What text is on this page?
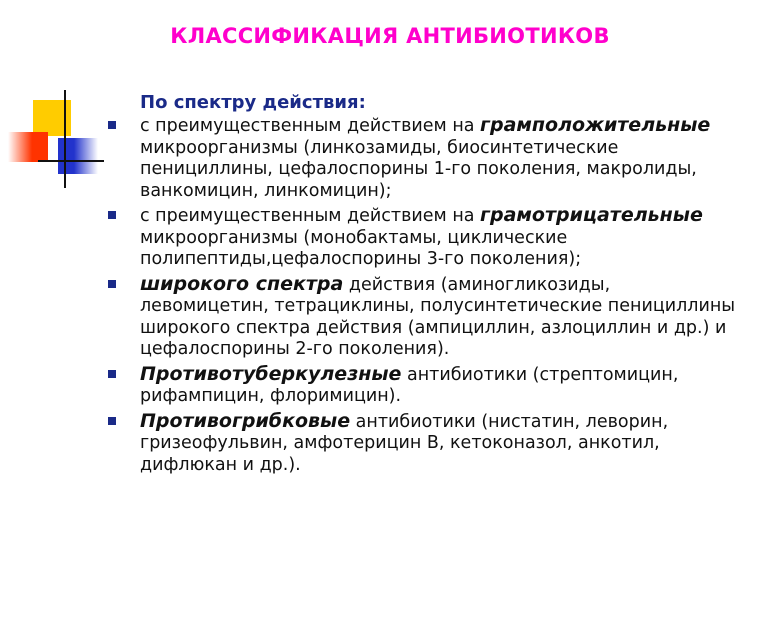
КЛАССИФИКАЦИЯ АНТИБИОТИКОВ
По спектру действия:
с преимущественным действием на грамположительные микроорганизмы (линкозамиды, биосинтетические пенициллины, цефалоспорины 1-го поколения, макролиды, ванкомицин, линкомицин);
с преимущественным действием на грамотрицательные микроорганизмы (монобактамы, циклические полипептиды,цефалоспорины 3-го поколения);
широкого спектра действия (аминогликозиды, левомицетин, тетрациклины, полусинтетические пенициллины широкого спектра действия (ампициллин, азлоциллин и др.) и цефалоспорины 2-го поколения).
Противотуберкулезные антибиотики (стрептомицин, рифампицин, флоримицин).
Противогрибковые антибиотики (нистатин, леворин, гризеофульвин, амфотерицин В, кетоконазол, анкотил, дифлюкан и др.).
